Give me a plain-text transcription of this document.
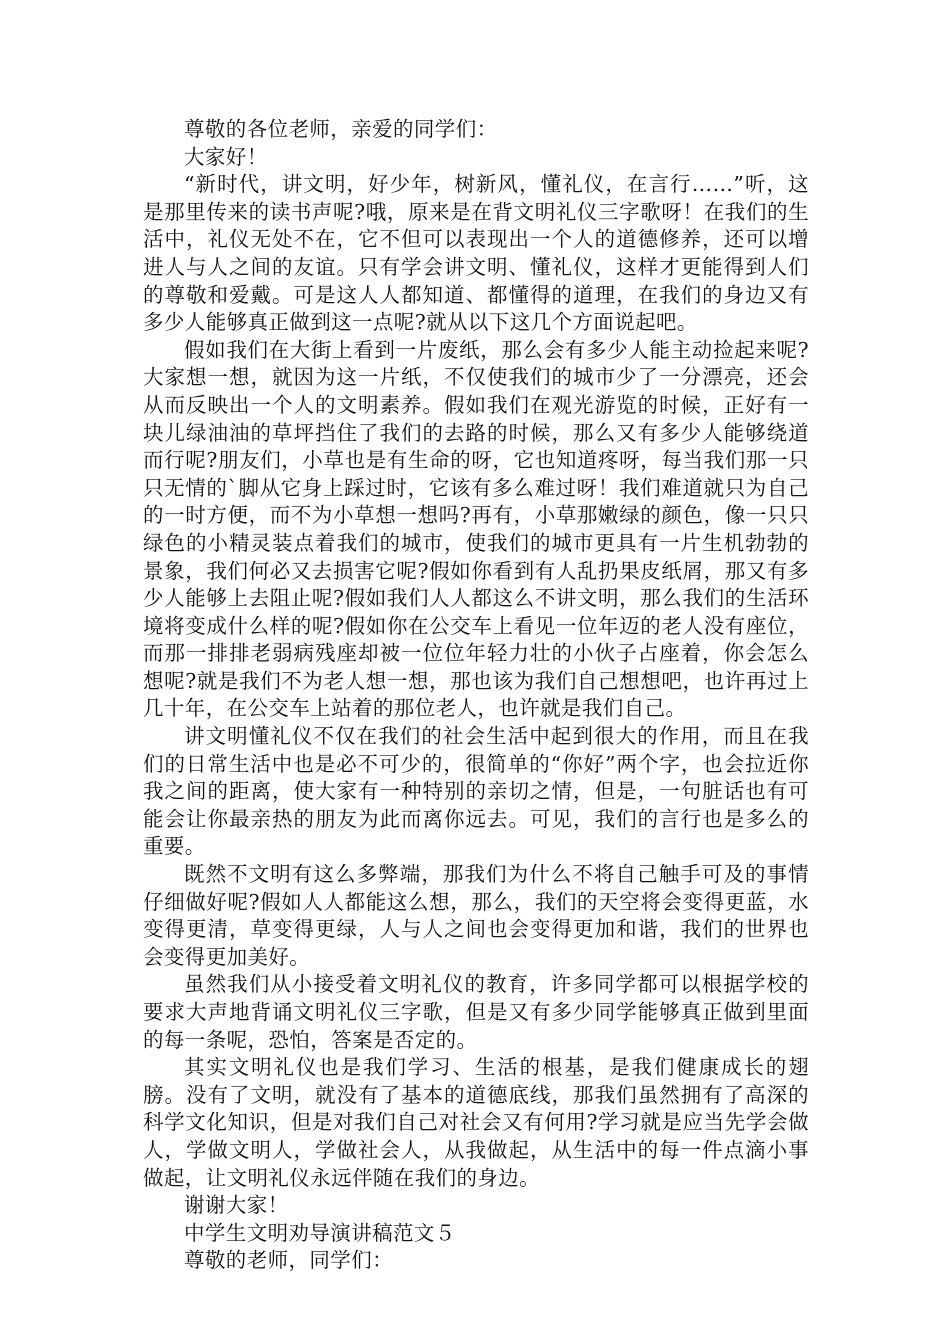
尊敬的各位老师，亲爱的同学们：

大家好！

“新时代，讲文明，好少年，树新风，懂礼仪，在言行……”听，这是那里传来的读书声呢?哦，原来是在背文明礼仪三字歌呀！在我们的生活中，礼仪无处不在，它不但可以表现出一个人的道德修养，还可以增进人与人之间的友谊。只有学会讲文明、懂礼仪，这样才更能得到人们的尊敬和爱戴。可是这人人都知道、都懂得的道理，在我们的身边又有多少人能够真正做到这一点呢?就从以下这几个方面说起吧。

假如我们在大街上看到一片废纸，那么会有多少人能主动捡起来呢?大家想一想，就因为这一片纸，不仅使我们的城市少了一分漂亮，还会从而反映出一个人的文明素养。假如我们在观光游览的时候，正好有一块儿绿油油的草坪挡住了我们的去路的时候，那么又有多少人能够绕道而行呢?朋友们，小草也是有生命的呀，它也知道疼呀，每当我们那一只只无情的`脚从它身上踩过时，它该有多么难过呀！我们难道就只为自己的一时方便，而不为小草想一想吗?再有，小草那嫩绿的颜色，像一只只绿色的小精灵装点着我们的城市，使我们的城市更具有一片生机勃勃的景象，我们何必又去损害它呢?假如你看到有人乱扔果皮纸屑，那又有多少人能够上去阻止呢?假如我们人人都这么不讲文明，那么我们的生活环境将变成什么样的呢?假如你在公交车上看见一位年迈的老人没有座位，而那一排排老弱病残座却被一位位年轻力壮的小伙子占座着，你会怎么想呢?就是我们不为老人想一想，那也该为我们自己想想吧，也许再过上几十年，在公交车上站着的那位老人，也许就是我们自己。

讲文明懂礼仪不仅在我们的社会生活中起到很大的作用，而且在我们的日常生活中也是必不可少的，很简单的“你好”两个字，也会拉近你我之间的距离，使大家有一种特别的亲切之情，但是，一句脏话也有可能会让你最亲热的朋友为此而离你远去。可见，我们的言行也是多么的重要。

既然不文明有这么多弊端，那我们为什么不将自己触手可及的事情仔细做好呢?假如人人都能这么想，那么，我们的天空将会变得更蓝，水变得更清，草变得更绿，人与人之间也会变得更加和谐，我们的世界也会变得更加美好。

虽然我们从小接受着文明礼仪的教育，许多同学都可以根据学校的要求大声地背诵文明礼仪三字歌，但是又有多少同学能够真正做到里面的每一条呢，恐怕，答案是否定的。

其实文明礼仪也是我们学习、生活的根基，是我们健康成长的翅膀。没有了文明，就没有了基本的道德底线，那我们虽然拥有了高深的科学文化知识，但是对我们自己对社会又有何用?学习就是应当先学会做人，学做文明人，学做社会人，从我做起，从生活中的每一件点滴小事做起，让文明礼仪永远伴随在我们的身边。

谢谢大家！

中学生文明劝导演讲稿范文５

尊敬的老师，同学们：
